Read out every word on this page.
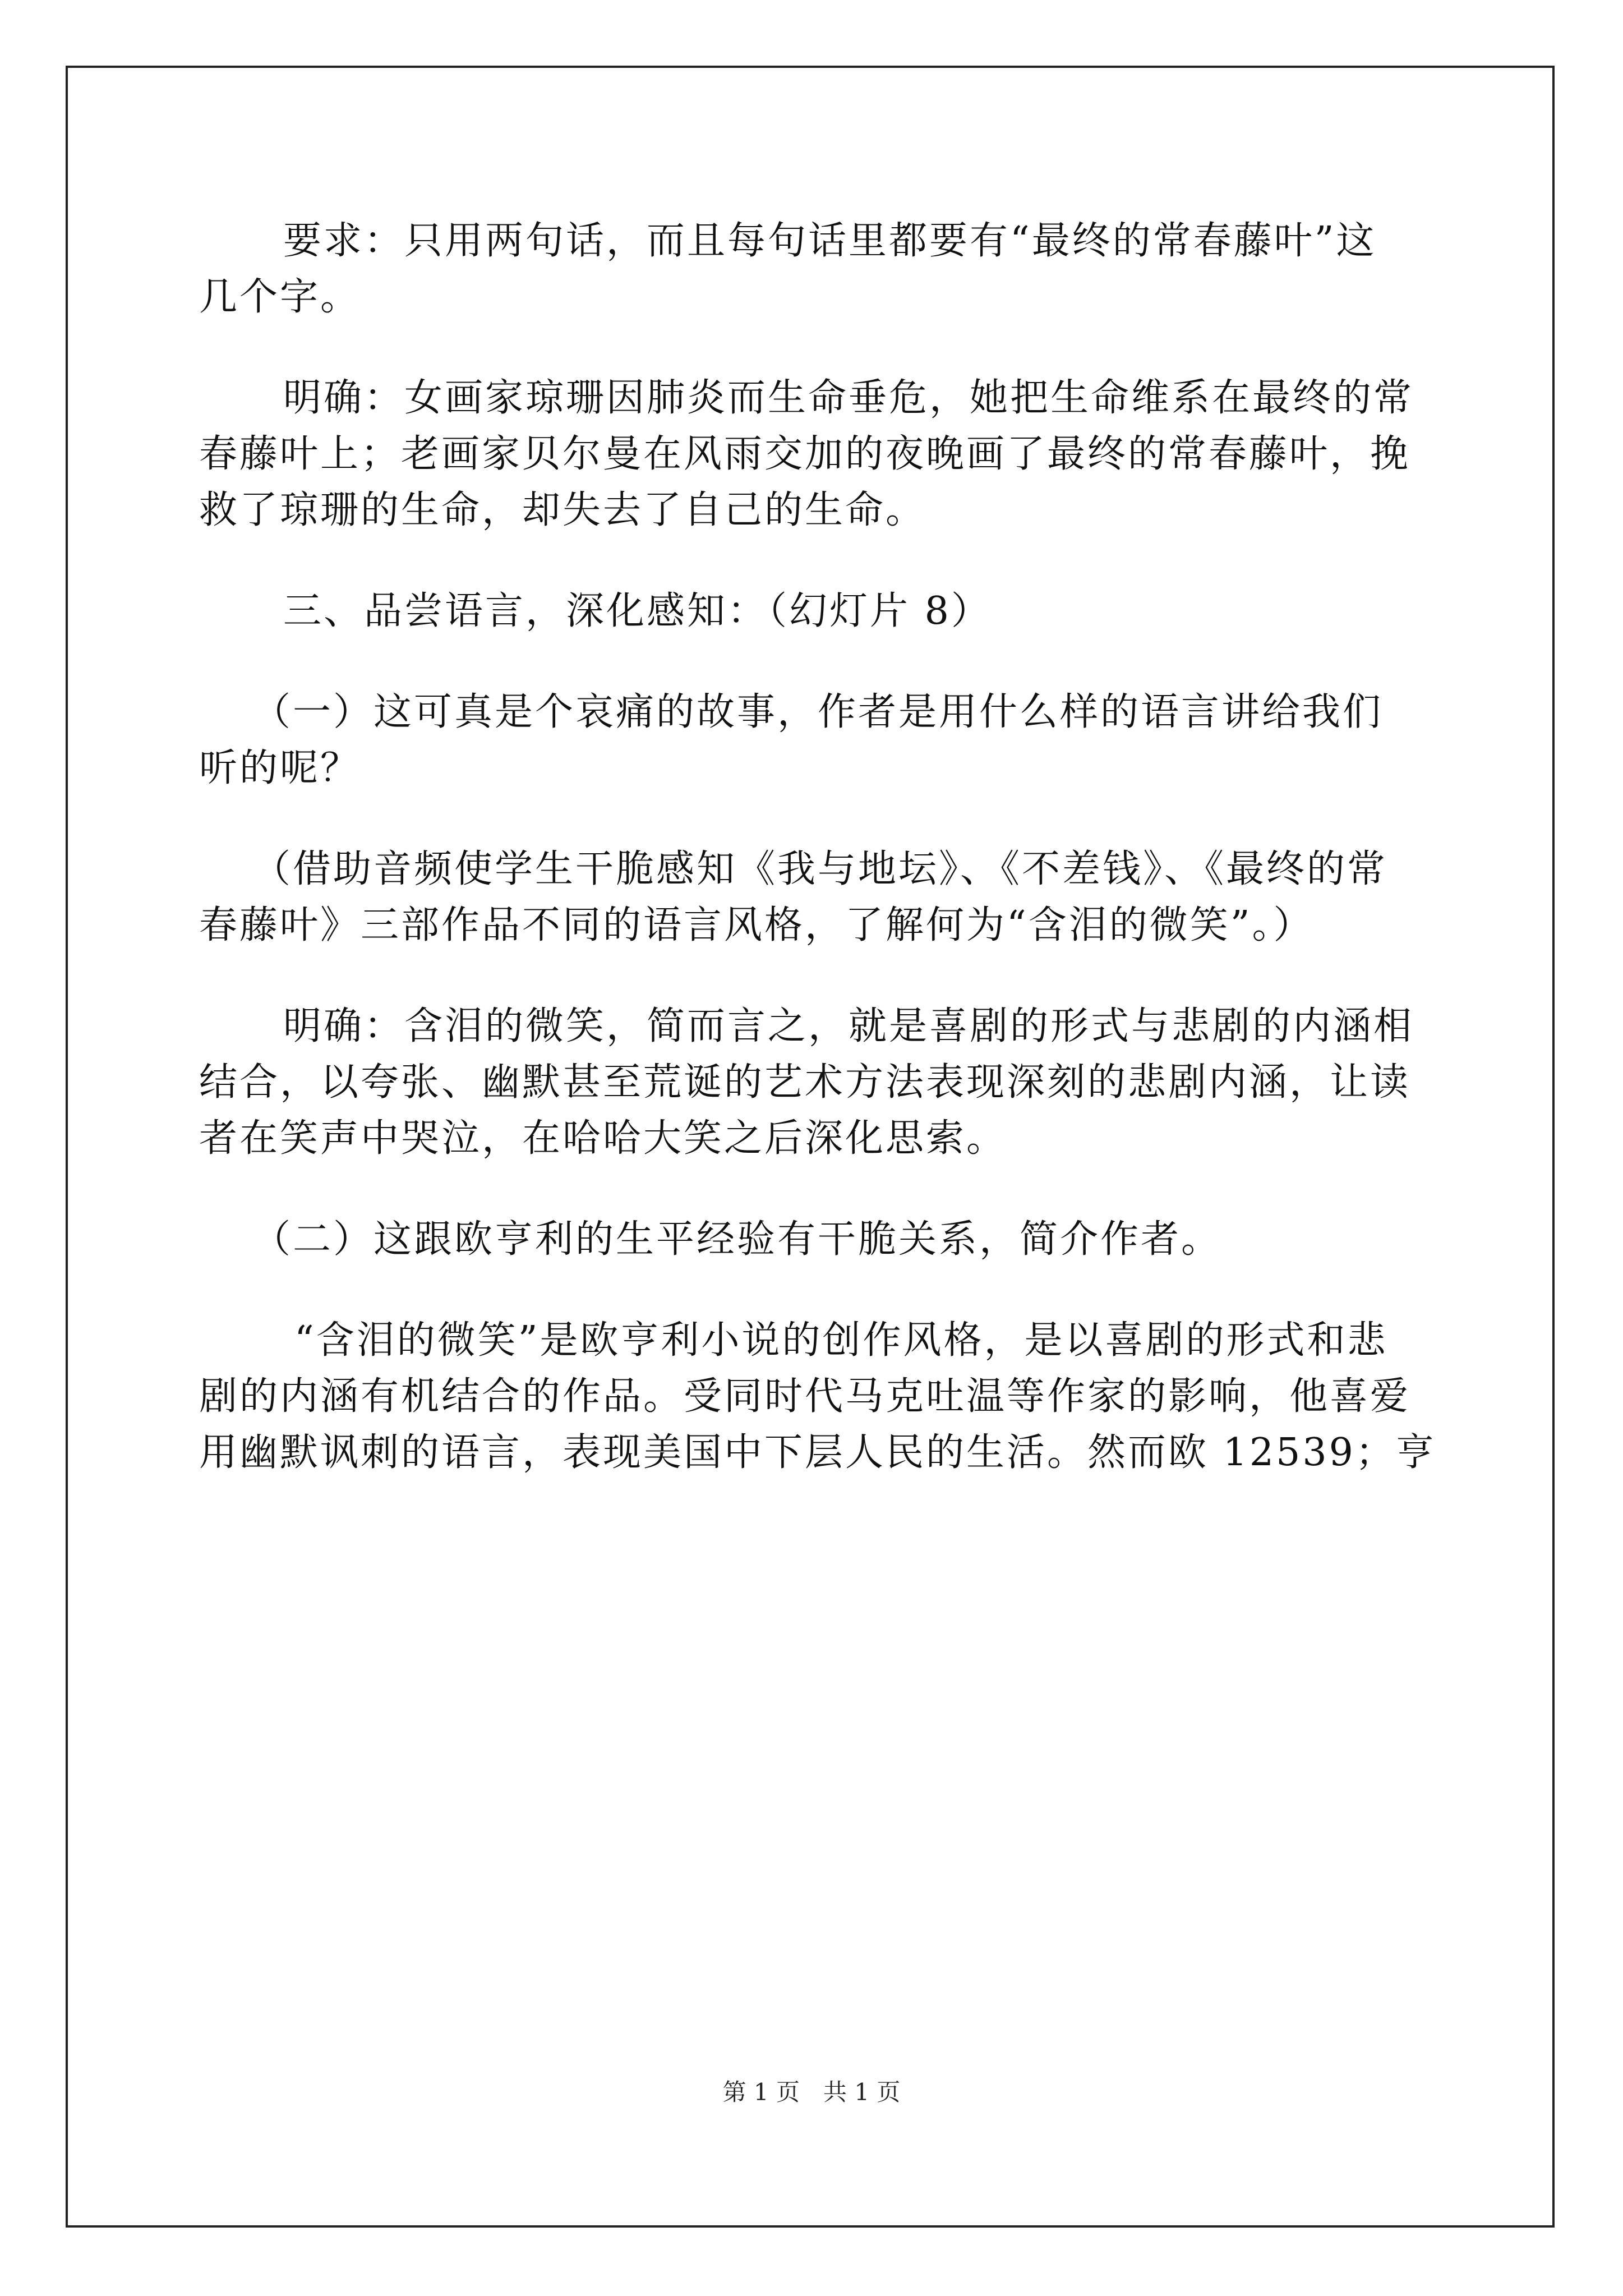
要求：只用两句话，而且每句话里都要有“最终的常春藤叶”这
几个字。
明确：女画家琼珊因肺炎而生命垂危，她把生命维系在最终的常
春藤叶上；老画家贝尔曼在风雨交加的夜晚画了最终的常春藤叶，挽
救了琼珊的生命，却失去了自己的生命。
三、品尝语言，深化感知：（幻灯片 8）
（一）这可真是个哀痛的故事，作者是用什么样的语言讲给我们
听的呢？
（借助音频使学生干脆感知《我与地坛》、《不差钱》、《最终的常
春藤叶》三部作品不同的语言风格，了解何为“含泪的微笑”。）
明确：含泪的微笑，简而言之，就是喜剧的形式与悲剧的内涵相
结合，以夸张、幽默甚至荒诞的艺术方法表现深刻的悲剧内涵，让读
者在笑声中哭泣，在哈哈大笑之后深化思索。
（二）这跟欧亨利的生平经验有干脆关系，简介作者。
“含泪的微笑”是欧亨利小说的创作风格，是以喜剧的形式和悲
剧的内涵有机结合的作品。受同时代马克吐温等作家的影响，他喜爱
用幽默讽刺的语言，表现美国中下层人民的生活。然而欧 12539；亨
第 1 页　共 1 页
